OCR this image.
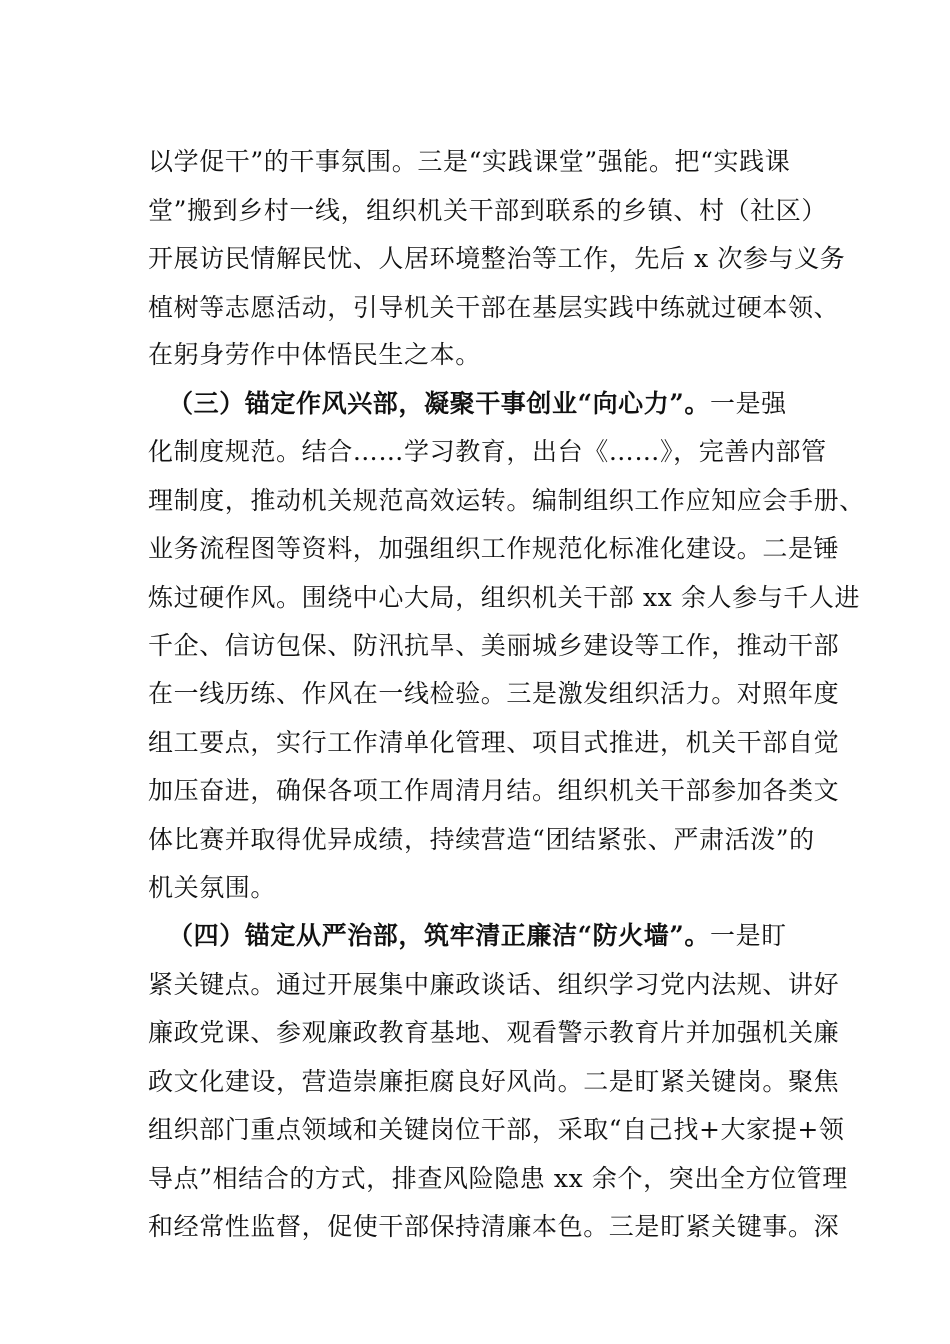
以学促干”的干事氛围。三是“实践课堂”强能。把“实践课
堂”搬到乡村一线，组织机关干部到联系的乡镇、村（社区）
开展访民情解民忧、人居环境整治等工作，先后 x 次参与义务
植树等志愿活动，引导机关干部在基层实践中练就过硬本领、
在躬身劳作中体悟民生之本。
（三）锚定作风兴部，凝聚干事创业“向心力”。一是强
化制度规范。结合……学习教育，出台《……》，完善内部管
理制度，推动机关规范高效运转。编制组织工作应知应会手册、
业务流程图等资料，加强组织工作规范化标准化建设。二是锤
炼过硬作风。围绕中心大局，组织机关干部 xx 余人参与千人进
千企、信访包保、防汛抗旱、美丽城乡建设等工作，推动干部
在一线历练、作风在一线检验。三是激发组织活力。对照年度
组工要点，实行工作清单化管理、项目式推进，机关干部自觉
加压奋进，确保各项工作周清月结。组织机关干部参加各类文
体比赛并取得优异成绩，持续营造“团结紧张、严肃活泼”的
机关氛围。
（四）锚定从严治部，筑牢清正廉洁“防火墙”。一是盯
紧关键点。通过开展集中廉政谈话、组织学习党内法规、讲好
廉政党课、参观廉政教育基地、观看警示教育片并加强机关廉
政文化建设，营造崇廉拒腐良好风尚。二是盯紧关键岗。聚焦
组织部门重点领域和关键岗位干部，采取“自己找+大家提+领
导点”相结合的方式，排查风险隐患 xx 余个，突出全方位管理
和经常性监督，促使干部保持清廉本色。三是盯紧关键事。深
